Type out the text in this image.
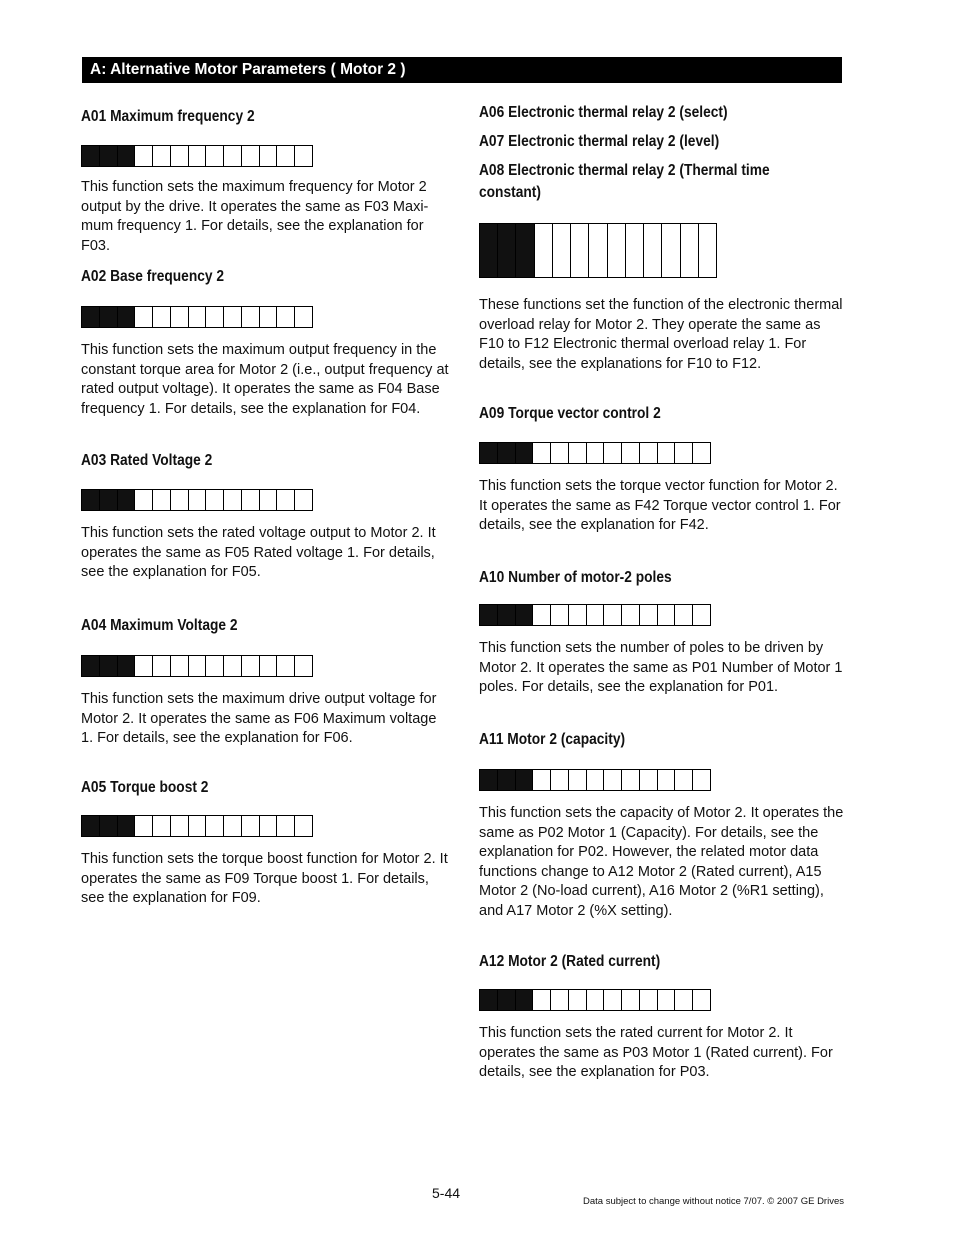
A: Alternative Motor Parameters ( Motor 2 )
A01 Maximum frequency 2
This function sets the maximum frequency for Motor 2 output by the drive. It operates the same as F03 Maxi-mum frequency 1. For details, see the explanation for F03.
A02 Base frequency 2
This function sets the maximum output frequency in the constant torque area for Motor 2 (i.e., output frequency at rated output voltage). It operates the same as F04 Base frequency 1. For details, see the explanation for F04.
A03 Rated Voltage 2
This function sets the rated voltage output to Motor 2. It operates the same as F05 Rated voltage 1. For details, see the explanation for F05.
A04 Maximum Voltage 2
This function sets the maximum drive output voltage for Motor 2. It operates the same as F06 Maximum voltage 1. For details, see the explanation for F06.
A05 Torque boost 2
This function sets the torque boost function for Motor 2. It operates the same as F09 Torque boost 1. For details, see the explanation for F09.
A06 Electronic thermal relay 2 (select)
A07 Electronic thermal relay 2 (level)
A08 Electronic thermal relay 2 (Thermal time
constant)
These functions set the function of the electronic thermal overload relay for Motor 2. They operate the same as F10 to F12 Electronic thermal overload relay 1. For details, see the explanations for F10 to F12.
A09 Torque vector control 2
This function sets the torque vector function for Motor 2. It operates the same as F42 Torque vector control 1. For details, see the explanation for F42.
A10 Number of motor-2 poles
This function sets the number of poles to be driven by Motor 2. It operates the same as P01 Number of Motor 1 poles. For details, see the explanation for P01.
A11 Motor 2 (capacity)
This function sets the capacity of Motor 2. It operates the same as P02 Motor 1 (Capacity). For details, see the explanation for P02. However, the related motor data functions change to A12 Motor 2 (Rated current), A15 Motor 2 (No-load current), A16 Motor 2 (%R1 setting), and A17 Motor 2 (%X setting).
A12 Motor 2 (Rated current)
This function sets the rated current for Motor 2. It operates the same as P03 Motor 1 (Rated current). For details, see the explanation for P03.
5-44
Data subject to change without notice 7/07. © 2007 GE Drives
